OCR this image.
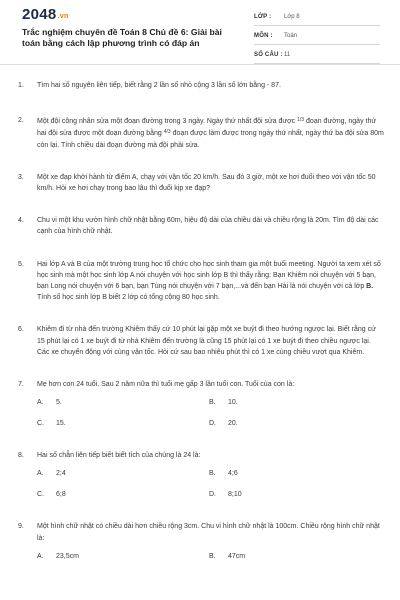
2048.vn
Trắc nghiệm chuyên đề Toán 8 Chủ đề 6: Giải bài toán bằng cách lập phương trình có đáp án
LỚP :	Lớp 8
MÔN :	Toán
SỐ CÂU : 11
1.	Tìm hai số nguyên liên tiếp, biết rằng 2 lần số nhỏ cộng 3 lần số lớn bằng - 87.
2.	Một đội công nhân sửa một đoạn đường trong 3 ngày. Ngày thứ nhất đội sửa được $^{1/3}$ đoạn đường, ngày thứ hai đội sửa được một đoạn đường bằng $^{4/3}$ đoạn được làm được trong ngày thứ nhất, ngày thứ ba đội sửa 80m còn lại. Tính chiều dài đoạn đường mà đội phải sửa.
3.	Một xe đạp khởi hành từ điểm A, chạy với vận tốc 20 km/h. Sau đó 3 giờ, một xe hơi đuổi theo với vận tốc 50 km/h. Hỏi xe hơi chạy trong bao lâu thì đuổi kịp xe đạp?
4.	Chu vi một khu vườn hình chữ nhật bằng 60m, hiệu độ dài của chiều dài và chiều rộng là 20m. Tìm độ dài các cạnh của hình chữ nhật.
5.	Hai lớp A và B của một trường trung học tổ chức cho học sinh tham gia một buổi meeting. Người ta xem xét số học sinh mà một học sinh lớp A nói chuyện với học sinh lớp B thì thấy rằng: Bạn Khiêm nói chuyện với 5 bạn, bạn Long nói chuyện với 6 bạn, bạn Tùng nói chuyện với 7 bạn,...và đến bạn Hải là nói chuyện với cả lớp B. Tính số học sinh lớp B biết 2 lớp có tổng cộng 80 học sinh.
6.	Khiêm đi từ nhà đến trường Khiêm thấy cứ 10 phút lại gặp một xe buýt đi theo hướng ngược lại. Biết rằng cứ 15 phút lại có 1 xe buýt đi từ nhà Khiêm đến trường là cũng 15 phút lại có 1 xe buýt đi theo chiều ngược lại. Các xe chuyển động với cùng vận tốc. Hỏi cứ sau bao nhiêu phút thì có 1 xe cùng chiều vượt qua Khiêm.
7.	Mẹ hơn con 24 tuổi. Sau 2 năm nữa thì tuổi mẹ gấp 3 lần tuổi con. Tuổi của con là:
A.	5.	B.	10.
C.	15.	D.	20.
8.	Hai số chẵn liên tiếp biết biết tích của chúng là 24 là:
A.	2;4	B.	4;6
C.	6;8	D.	8;10
9.	Một hình chữ nhật có chiều dài hơn chiều rộng 3cm. Chu vi hình chữ nhật là 100cm. Chiều rộng hình chữ nhật là:
A.	23,5cm	B.	47cm
